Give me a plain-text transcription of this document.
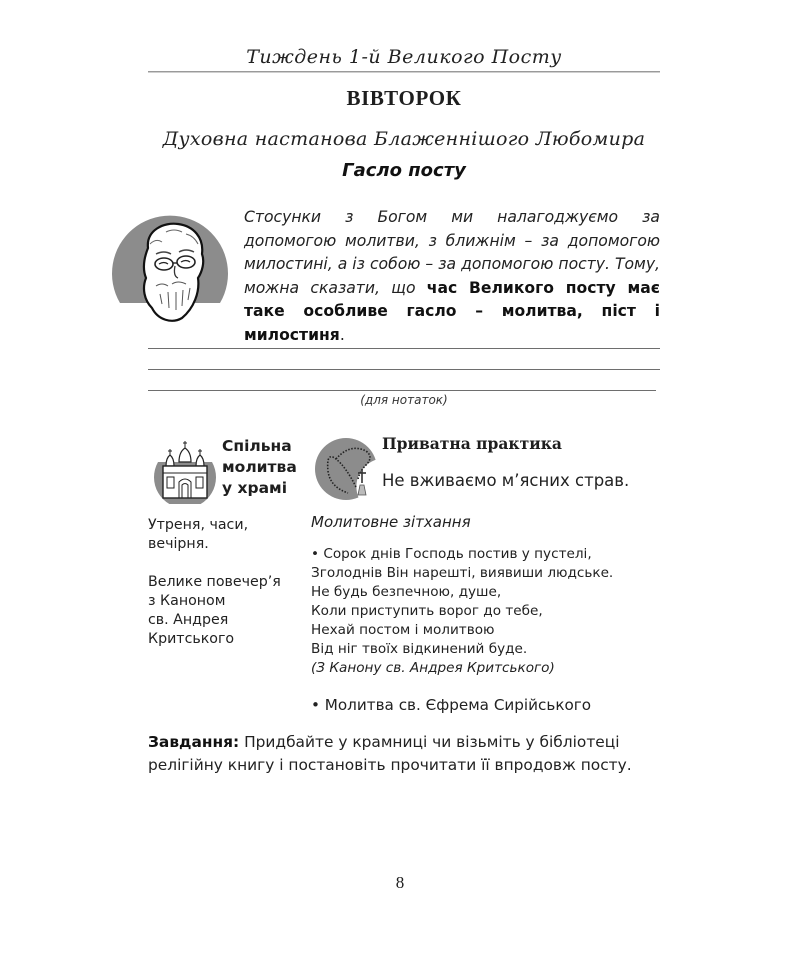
Тиждень 1-й Великого Посту
ВІВТОРОК
Духовна настанова Блаженнішого Любомира
Гасло посту
Стосунки з Богом ми налагоджуємо за допомогою молитви, з ближнім – за допомогою милостині, а із собою – за допомогою посту. Тому, можна сказати, що час Великого посту має таке особливе гасло – молитва, піст і милостиня.
(для нотаток)
Спільна
молитва
у храмі

Утреня, часи,
вечірня.

Велике повечер’я
з Каноном
св. Андрея
Критського

Приватна практика
Не вживаємо м’ясних страв.
Молитовне зітхання
• Сорок днів Господь постив у пустелі,
Зголоднів Він нарешті, виявиши людське.
Не будь безпечною, душе,
Коли приступить ворог до тебе,
Нехай постом і молитвою
Від ніг твоїх відкинений буде.
(З Канону св. Андрея Критського)
• Молитва св. Єфрема Сирійського
Завдання: Придбайте у крамниці чи візьміть у бібліотеці релігійну книгу і постановіть прочитати її впродовж посту.
8
